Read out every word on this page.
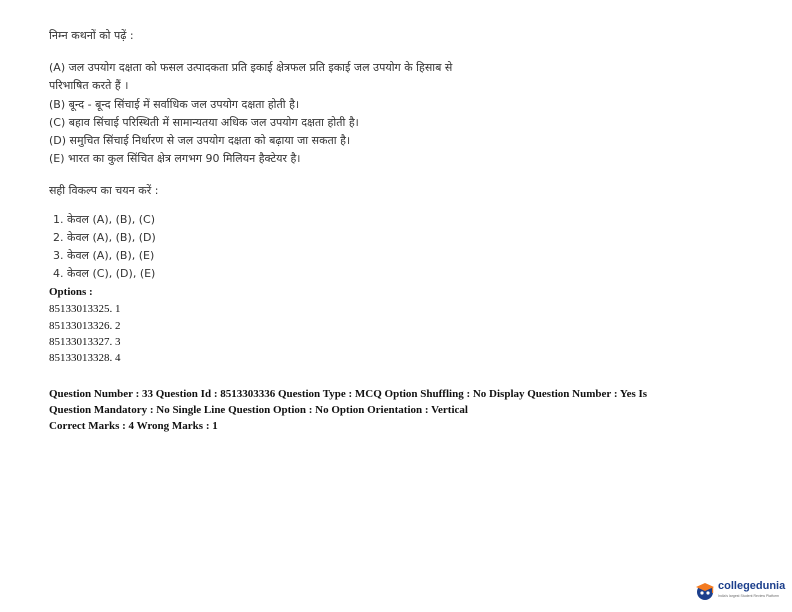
निम्न कथनों को पढ़ें :
(A) जल उपयोग दक्षता को फसल उत्पादकता प्रति इकाई क्षेत्रफल प्रति इकाई जल उपयोग के हिसाब से
परिभाषित करते हैं ।
(B) बून्द - बून्द सिंचाई में सर्वाधिक जल उपयोग दक्षता होती है।
(C) बहाव सिंचाई परिस्थिती में सामान्यतया अधिक जल उपयोग दक्षता होती है।
(D) समुचित सिंचाई निर्धारण से जल उपयोग दक्षता को बढ़ाया जा सकता है।
(E) भारत का कुल सिंचित क्षेत्र लगभग 90 मिलियन हैक्टेयर है।
सही विकल्प का चयन करें :
1. केवल (A), (B), (C)
2. केवल (A), (B), (D)
3. केवल (A), (B), (E)
4. केवल (C), (D), (E)
Options :
85133013325. 1
85133013326. 2
85133013327. 3
85133013328. 4
Question Number : 33 Question Id : 8513303336 Question Type : MCQ Option Shuffling : No Display Question Number : Yes Is
Question Mandatory : No Single Line Question Option : No Option Orientation : Vertical
Correct Marks : 4 Wrong Marks : 1
collegedunia
India's largest Student Review Platform
